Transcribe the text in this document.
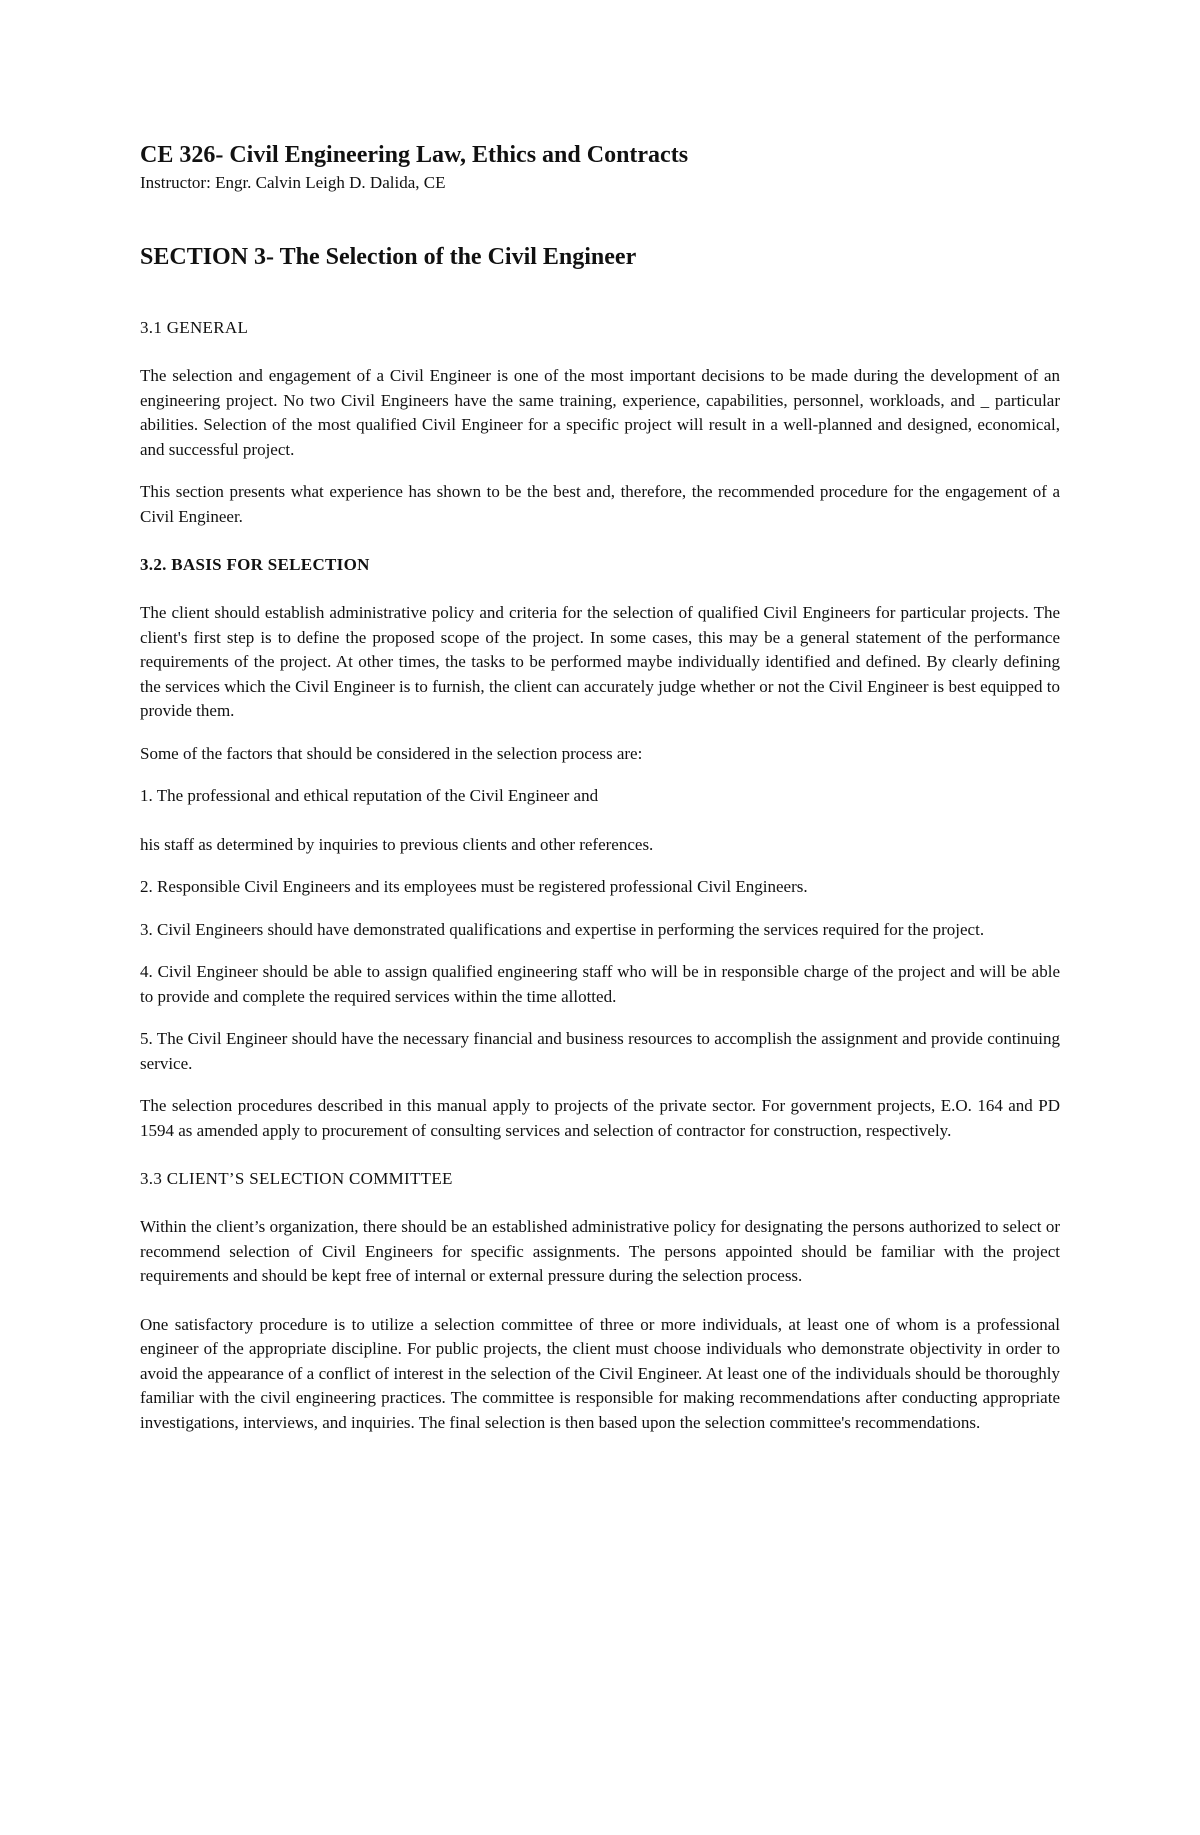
CE 326- Civil Engineering Law, Ethics and Contracts

Instructor: Engr. Calvin Leigh D. Dalida, CE

SECTION 3- The Selection of the Civil Engineer

3.1 GENERAL

The selection and engagement of a Civil Engineer is one of the most important decisions to be made during the development of an engineering project. No two Civil Engineers have the same training, experience, capabilities, personnel, workloads, and _ particular abilities. Selection of the most qualified Civil Engineer for a specific project will result in a well-planned and designed, economical, and successful project.

This section presents what experience has shown to be the best and, therefore, the recommended procedure for the engagement of a Civil Engineer.

3.2. BASIS FOR SELECTION

The client should establish administrative policy and criteria for the selection of qualified Civil Engineers for particular projects. The client's first step is to define the proposed scope of the project. In some cases, this may be a general statement of the performance requirements of the project. At other times, the tasks to be performed maybe individually identified and defined. By clearly defining the services which the Civil Engineer is to furnish, the client can accurately judge whether or not the Civil Engineer is best equipped to provide them.

Some of the factors that should be considered in the selection process are:

1. The professional and ethical reputation of the Civil Engineer and

his staff as determined by inquiries to previous clients and other references.

2. Responsible Civil Engineers and its employees must be registered professional Civil Engineers.

3. Civil Engineers should have demonstrated qualifications and expertise in performing the services required for the project.

4. Civil Engineer should be able to assign qualified engineering staff who will be in responsible charge of the project and will be able to provide and complete the required services within the time allotted.

5. The Civil Engineer should have the necessary financial and business resources to accomplish the assignment and provide continuing service.

The selection procedures described in this manual apply to projects of the private sector. For government projects, E.O. 164 and PD 1594 as amended apply to procurement of consulting services and selection of contractor for construction, respectively.

3.3 CLIENT’S SELECTION COMMITTEE

Within the client’s organization, there should be an established administrative policy for designating the persons authorized to select or recommend selection of Civil Engineers for specific assignments. The persons appointed should be familiar with the project requirements and should be kept free of internal or external pressure during the selection process.

One satisfactory procedure is to utilize a selection committee of three or more individuals, at least one of whom is a professional engineer of the appropriate discipline. For public projects, the client must choose individuals who demonstrate objectivity in order to avoid the appearance of a conflict of interest in the selection of the Civil Engineer. At least one of the individuals should be thoroughly familiar with the civil engineering practices. The committee is responsible for making recommendations after conducting appropriate investigations, interviews, and inquiries. The final selection is then based upon the selection committee's recommendations.
